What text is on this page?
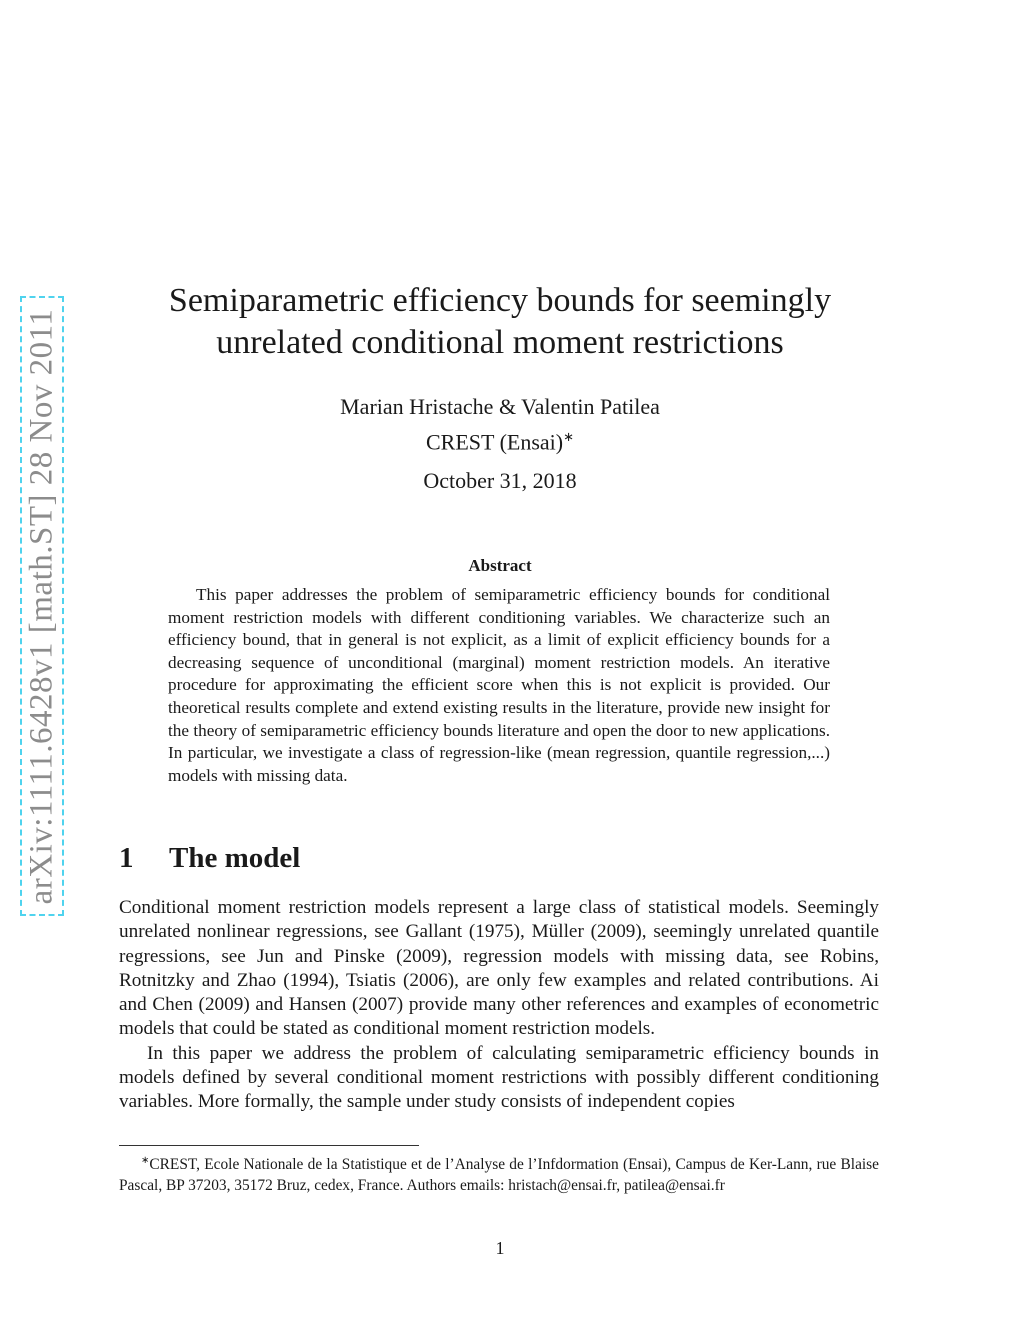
arXiv:1111.6428v1 [math.ST] 28 Nov 2011
Semiparametric efficiency bounds for seemingly unrelated conditional moment restrictions
Marian Hristache & Valentin Patilea
CREST (Ensai)∗
October 31, 2018
Abstract
This paper addresses the problem of semiparametric efficiency bounds for conditional moment restriction models with different conditioning variables. We characterize such an efficiency bound, that in general is not explicit, as a limit of explicit efficiency bounds for a decreasing sequence of unconditional (marginal) moment restriction models. An iterative procedure for approximating the efficient score when this is not explicit is provided. Our theoretical results complete and extend existing results in the literature, provide new insight for the theory of semiparametric efficiency bounds literature and open the door to new applications. In particular, we investigate a class of regression-like (mean regression, quantile regression,...) models with missing data.
1 The model

Conditional moment restriction models represent a large class of statistical models. Seemingly unrelated nonlinear regressions, see Gallant (1975), Müller (2009), seemingly unrelated quantile regressions, see Jun and Pinske (2009), regression models with missing data, see Robins, Rotnitzky and Zhao (1994), Tsiatis (2006), are only few examples and related contributions. Ai and Chen (2009) and Hansen (2007) provide many other references and examples of econometric models that could be stated as conditional moment restriction models.

In this paper we address the problem of calculating semiparametric efficiency bounds in models defined by several conditional moment restrictions with possibly different conditioning variables. More formally, the sample under study consists of independent copies

∗CREST, Ecole Nationale de la Statistique et de l’Analyse de l’Infdormation (Ensai), Campus de Ker-Lann, rue Blaise Pascal, BP 37203, 35172 Bruz, cedex, France. Authors emails: hristach@ensai.fr, patilea@ensai.fr
1
